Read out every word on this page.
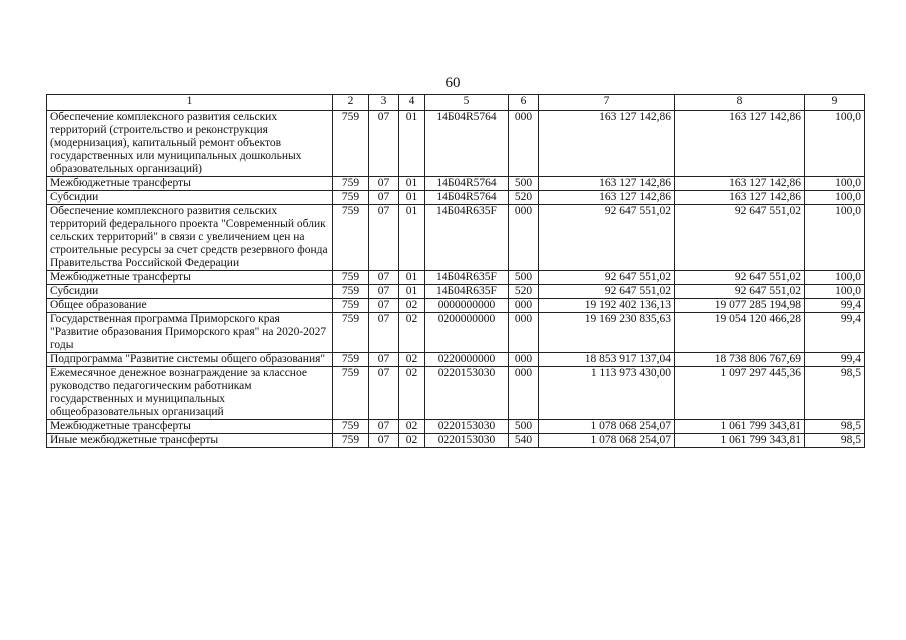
60
1	2	3	4	5	6	7	8	9
Обеспечение комплексного развития сельских территорий (строительство и реконструкция (модернизация), капитальный ремонт объектов государственных или муниципальных дошкольных образовательных организаций)	759	07	01	14Б04R5764	000	163 127 142,86	163 127 142,86	100,0
Межбюджетные трансферты	759	07	01	14Б04R5764	500	163 127 142,86	163 127 142,86	100,0
Субсидии	759	07	01	14Б04R5764	520	163 127 142,86	163 127 142,86	100,0
Обеспечение комплексного развития сельских территорий федерального проекта "Современный облик сельских территорий" в связи с увеличением цен на строительные ресурсы за счет средств резервного фонда Правительства Российской Федерации	759	07	01	14Б04R635F	000	92 647 551,02	92 647 551,02	100,0
Межбюджетные трансферты	759	07	01	14Б04R635F	500	92 647 551,02	92 647 551,02	100,0
Субсидии	759	07	01	14Б04R635F	520	92 647 551,02	92 647 551,02	100,0
Общее образование	759	07	02	0000000000	000	19 192 402 136,13	19 077 285 194,98	99,4
Государственная программа Приморского края "Развитие образования Приморского края" на 2020-2027 годы	759	07	02	0200000000	000	19 169 230 835,63	19 054 120 466,28	99,4
Подпрограмма "Развитие системы общего образования"	759	07	02	0220000000	000	18 853 917 137,04	18 738 806 767,69	99,4
Ежемесячное денежное вознаграждение за классное руководство педагогическим работникам государственных и муниципальных общеобразовательных организаций	759	07	02	0220153030	000	1 113 973 430,00	1 097 297 445,36	98,5
Межбюджетные трансферты	759	07	02	0220153030	500	1 078 068 254,07	1 061 799 343,81	98,5
Иные межбюджетные трансферты	759	07	02	0220153030	540	1 078 068 254,07	1 061 799 343,81	98,5
